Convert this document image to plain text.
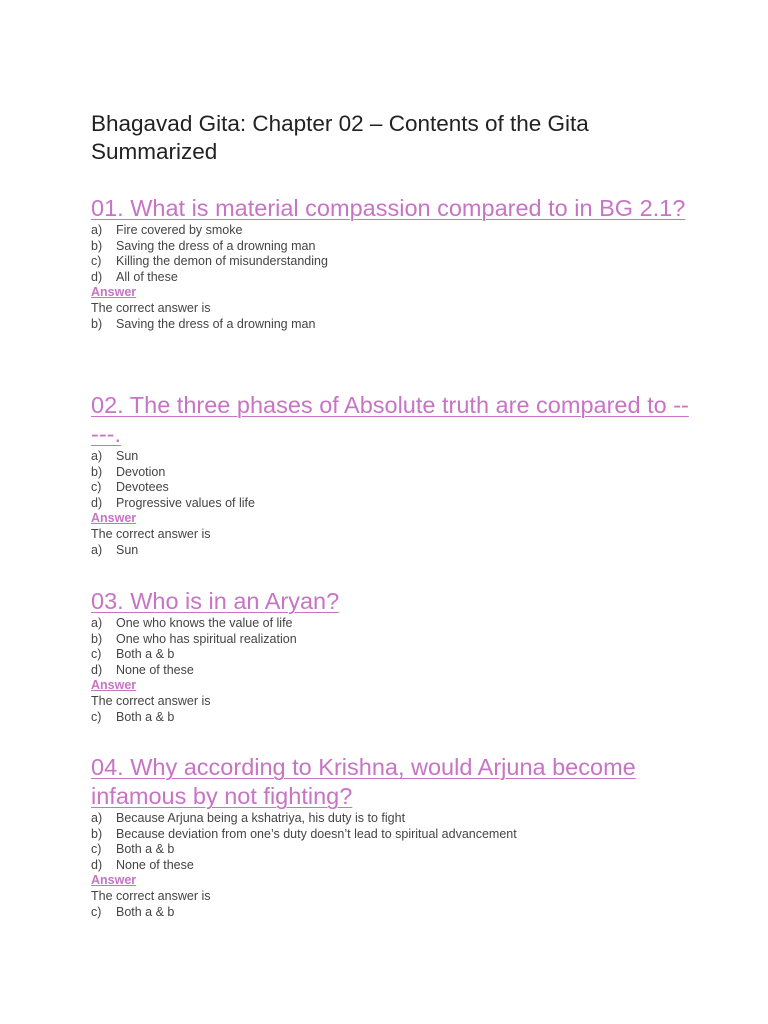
Bhagavad Gita: Chapter 02 – Contents of the Gita Summarized
01. What is material compassion compared to in BG 2.1?
a)	Fire covered by smoke
b)	Saving the dress of a drowning man
c)	Killing the demon of misunderstanding
d)	All of these
Answer
The correct answer is
b)	Saving the dress of a drowning man
02. The three phases of Absolute truth are compared to -----.
a)	Sun
b)	Devotion
c)	Devotees
d)	Progressive values of life
Answer
The correct answer is
a)	Sun
03. Who is in an Aryan?
a)	One who knows the value of life
b)	One who has spiritual realization
c)	Both a & b
d)	None of these
Answer
The correct answer is
c)	Both a & b
04. Why according to Krishna, would Arjuna become infamous by not fighting?
a)	Because Arjuna being a kshatriya, his duty is to fight
b)	Because deviation from one’s duty doesn’t lead to spiritual advancement
c)	Both a & b
d)	None of these
Answer
The correct answer is
c)	Both a & b
